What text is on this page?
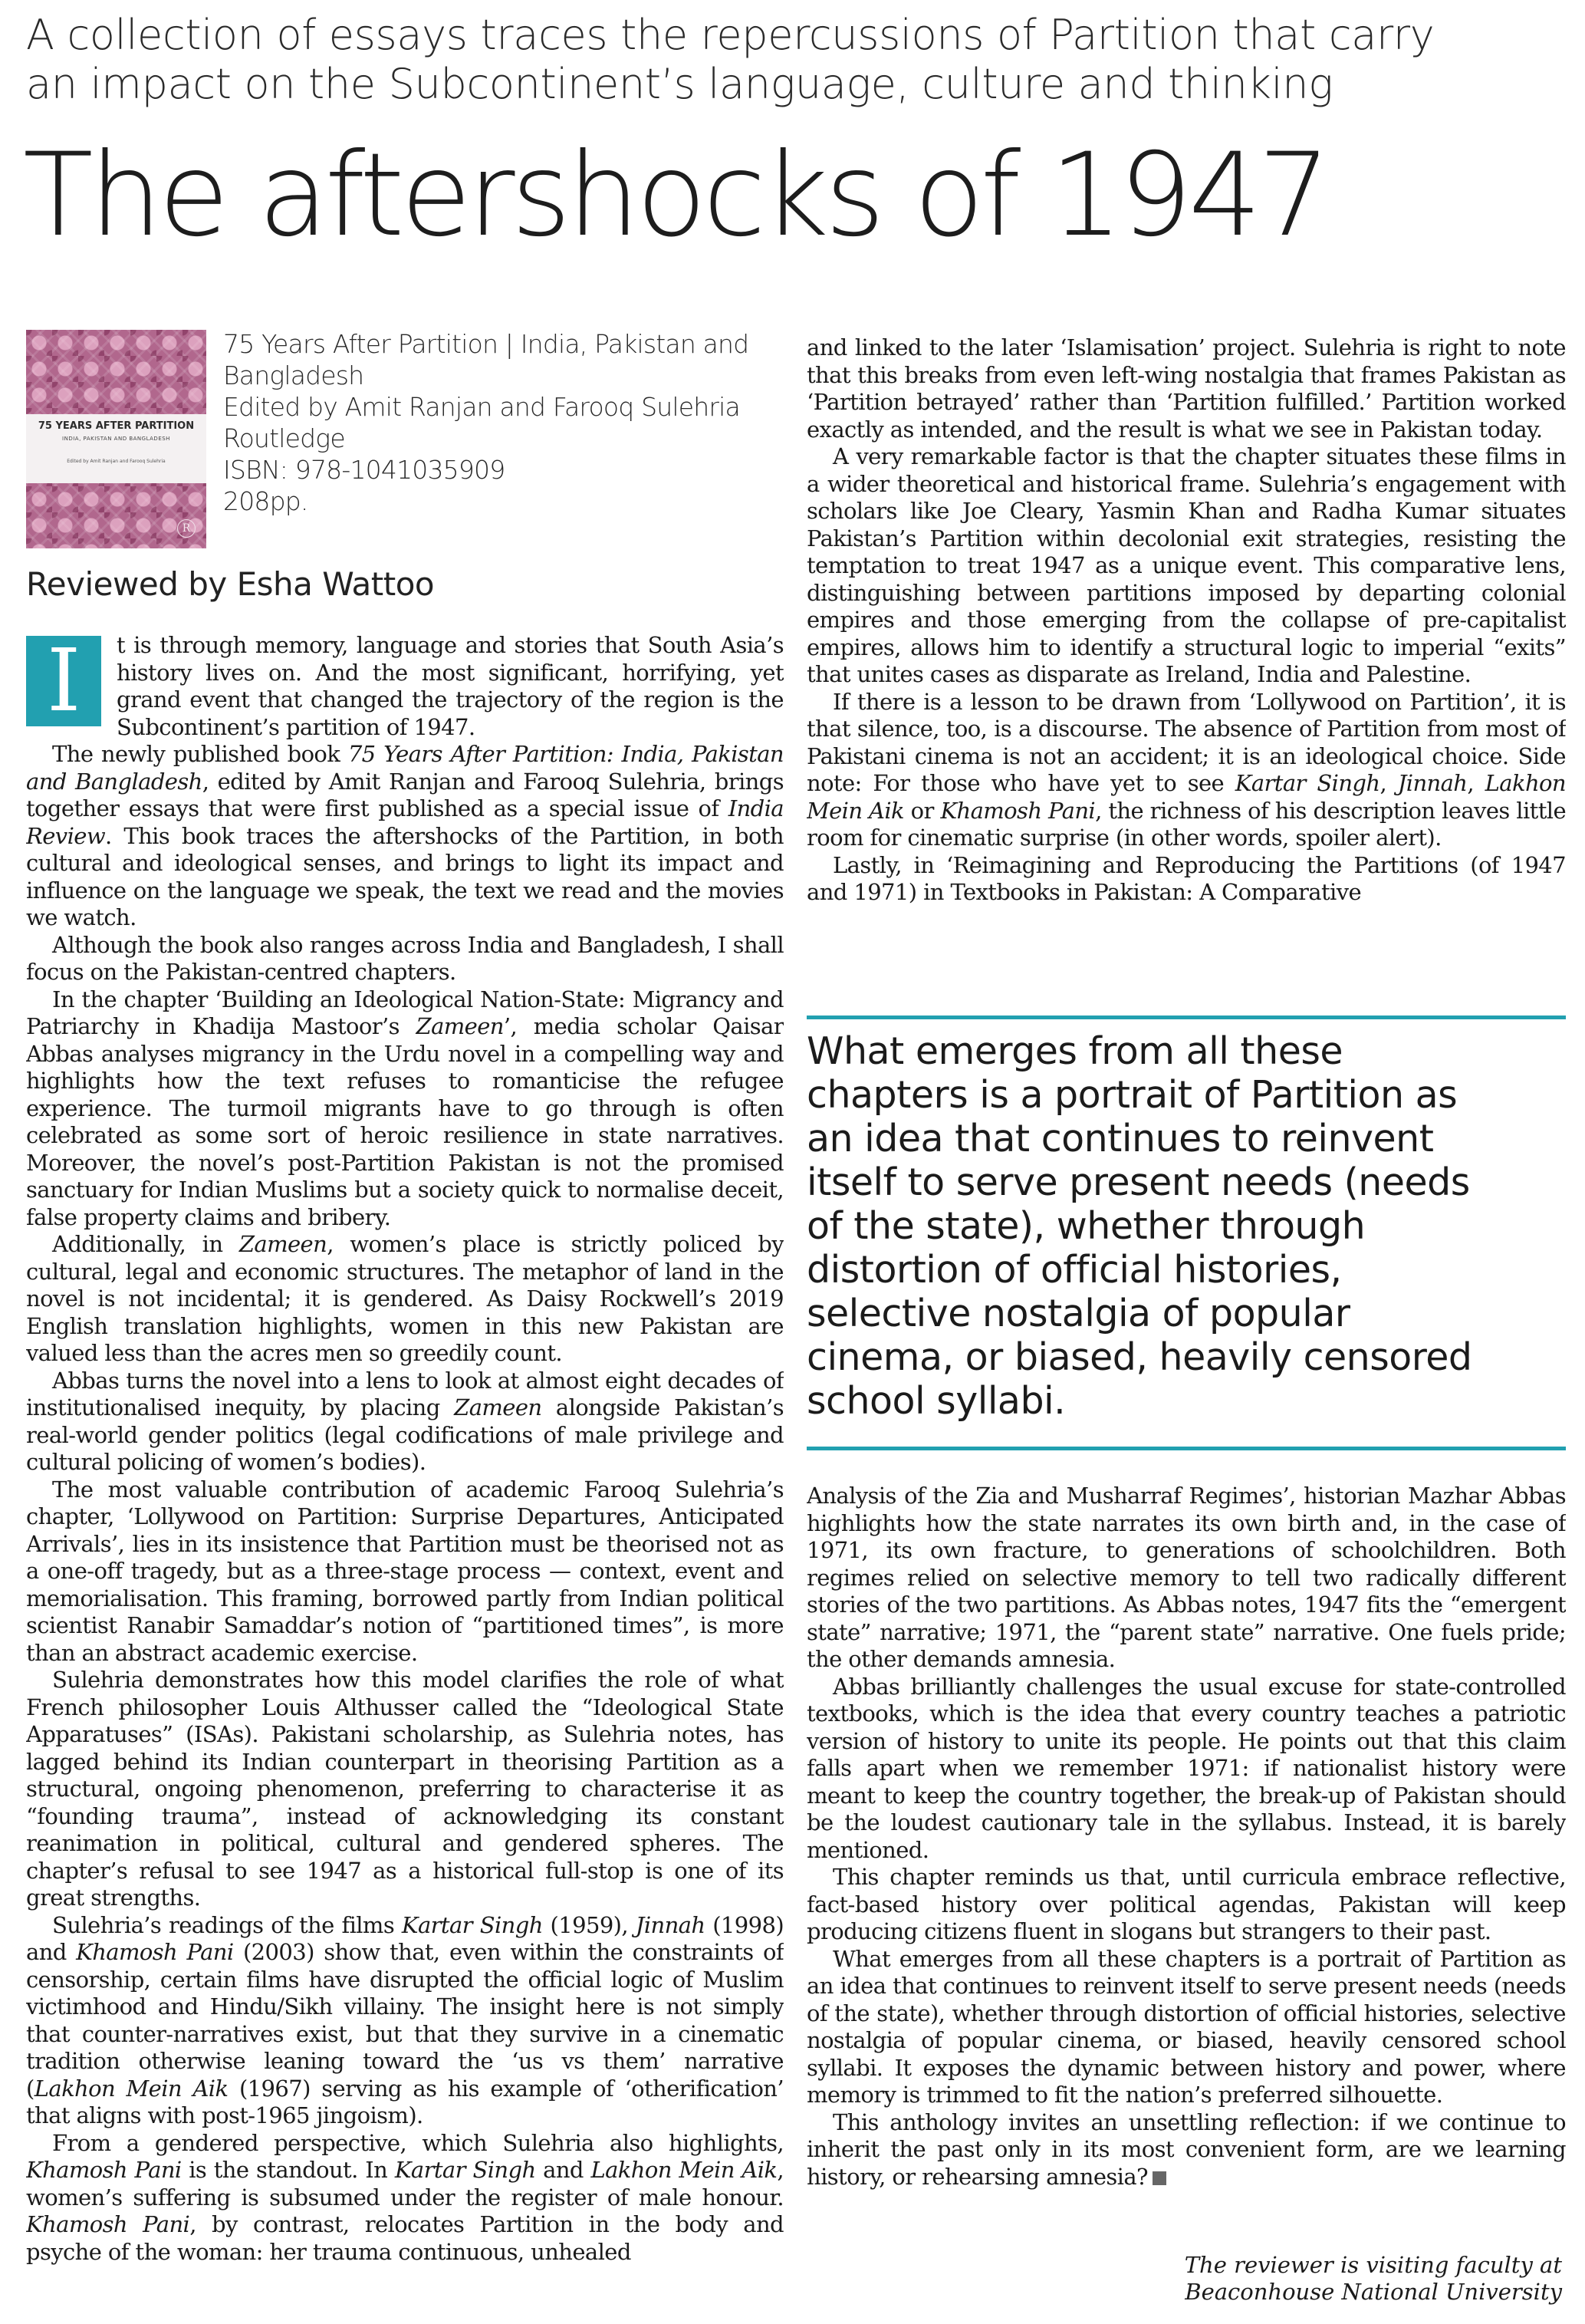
A collection of essays traces the repercussions of Partition that carry
an impact on the Subcontinent’s language, culture and thinking
The aftershocks of 1947
75 YEARS AFTER PARTITION
INDIA, PAKISTAN AND BANGLADESH
Edited by Amit Ranjan and Farooq Sulehria
R
75 Years After Partition | India, Pakistan and
Bangladesh
Edited by Amit Ranjan and Farooq Sulehria
Routledge
ISBN: 978-1041035909
208pp.
Reviewed by Esha Wattoo

I	t is through memory, language and stories that South Asia’s history lives on. And the most significant, horrifying, yet grand event that changed the trajectory of the region is the Subcontinent’s partition of 1947.

The newly published book 75 Years After Partition: India, Pakistan and Bangladesh, edited by Amit Ranjan and Farooq Sulehria, brings together essays that were first published as a special issue of India Review. This book traces the aftershocks of the Partition, in both cultural and ideological senses, and brings to light its impact and influence on the language we speak, the text we read and the movies we watch.

Although the book also ranges across India and Bangladesh, I shall focus on the Pakistan-centred chapters.

In the chapter ‘Building an Ideological Nation-State: Migrancy and Patriarchy in Khadija Mastoor’s Zameen’, media scholar Qaisar Abbas analyses migrancy in the Urdu novel in a compelling way and highlights how the text refuses to romanticise the refugee experience. The turmoil migrants have to go through is often celebrated as some sort of heroic resilience in state narratives. Moreover, the novel’s post-Partition Pakistan is not the promised sanctuary for Indian Muslims but a society quick to normalise deceit, false property claims and bribery.

Additionally, in Zameen, women’s place is strictly policed by cultural, legal and economic structures. The metaphor of land in the novel is not incidental; it is gendered. As Daisy Rockwell’s 2019 English translation highlights, women in this new Pakistan are valued less than the acres men so greedily count.

Abbas turns the novel into a lens to look at almost eight decades of institutionalised inequity, by placing Zameen alongside Pakistan’s real-world gender politics (legal codifications of male privilege and cultural policing of women’s bodies).

The most valuable contribution of academic Farooq Sulehria’s chapter, ‘Lollywood on Partition: Surprise Departures, Anticipated Arrivals’, lies in its insistence that Partition must be theorised not as a one-off tragedy, but as a three-stage process — context, event and memorialisation. This framing, borrowed partly from Indian political scientist Ranabir Samaddar’s notion of “partitioned times”, is more than an abstract academic exercise.

Sulehria demonstrates how this model clarifies the role of what French philosopher Louis Althusser called the “Ideological State Apparatuses” (ISAs). Pakistani scholarship, as Sulehria notes, has lagged behind its Indian counterpart in theorising Partition as a structural, ongoing phenomenon, preferring to characterise it as “founding trauma”, instead of acknowledging its constant reanimation in political, cultural and gendered spheres. The chapter’s refusal to see 1947 as a historical full-stop is one of its great strengths.

Sulehria’s readings of the films Kartar Singh (1959), Jinnah (1998) and Khamosh Pani (2003) show that, even within the constraints of censorship, certain films have disrupted the official logic of Muslim victimhood and Hindu/Sikh villainy. The insight here is not simply that counter-narratives exist, but that they survive in a cinematic tradition otherwise leaning toward the ‘us vs them’ narrative (Lakhon Mein Aik (1967) serving as his example of ‘otherification’ that aligns with post-1965 jingoism).

From a gendered perspective, which Sulehria also highlights, Khamosh Pani is the standout. In Kartar Singh and Lakhon Mein Aik, women’s suffering is subsumed under the register of male honour. Khamosh Pani, by contrast, relocates Partition in the body and psyche of the woman: her trauma continuous, unhealed

and linked to the later ‘Islamisation’ project. Sulehria is right to note that this breaks from even left-wing nostalgia that frames Pakistan as ‘Partition betrayed’ rather than ‘Partition fulfilled.’ Partition worked exactly as intended, and the result is what we see in Pakistan today.

A very remarkable factor is that the chapter situates these films in a wider theoretical and historical frame. Sulehria’s engagement with scholars like Joe Cleary, Yasmin Khan and Radha Kumar situates Pakistan’s Partition within decolonial exit strategies, resisting the temptation to treat 1947 as a unique event. This comparative lens, distinguishing between partitions imposed by departing colonial empires and those emerging from the collapse of pre-capitalist empires, allows him to identify a structural logic to imperial “exits” that unites cases as disparate as Ireland, India and Palestine.

If there is a lesson to be drawn from ‘Lollywood on Partition’, it is that silence, too, is a discourse. The absence of Partition from most of Pakistani cinema is not an accident; it is an ideological choice. Side note: For those who have yet to see Kartar Singh, Jinnah, Lakhon Mein Aik or Khamosh Pani, the richness of his description leaves little room for cinematic surprise (in other words, spoiler alert).

Lastly, in ‘Reimagining and Reproducing the Partitions (of 1947 and 1971) in Textbooks in Pakistan: A Comparative

What emerges from all these
chapters is a portrait of Partition as
an idea that continues to reinvent
itself to serve present needs (needs
of the state), whether through
distortion of official histories,
selective nostalgia of popular
cinema, or biased, heavily censored
school syllabi.

Analysis of the Zia and Musharraf Regimes’, historian Mazhar Abbas highlights how the state narrates its own birth and, in the case of 1971, its own fracture, to generations of schoolchildren. Both regimes relied on selective memory to tell two radically different stories of the two partitions. As Abbas notes, 1947 fits the “emergent state” narrative; 1971, the “parent state” narrative. One fuels pride; the other demands amnesia.

Abbas brilliantly challenges the usual excuse for state-controlled textbooks, which is the idea that every country teaches a patriotic version of history to unite its people. He points out that this claim falls apart when we remember 1971: if nationalist history were meant to keep the country together, the break-up of Pakistan should be the loudest cautionary tale in the syllabus. Instead, it is barely mentioned.

This chapter reminds us that, until curricula embrace reflective, fact-based history over political agendas, Pakistan will keep producing citizens fluent in slogans but strangers to their past.

What emerges from all these chapters is a portrait of Partition as an idea that continues to reinvent itself to serve present needs (needs of the state), whether through distortion of official histories, selective nostalgia of popular cinema, or biased, heavily censored school syllabi. It exposes the dynamic between history and power, where memory is trimmed to fit the nation’s preferred silhouette.

This anthology invites an unsettling reflection: if we continue to inherit the past only in its most convenient form, are we learning history, or rehearsing amnesia?

The reviewer is visiting faculty at
Beaconhouse National University
